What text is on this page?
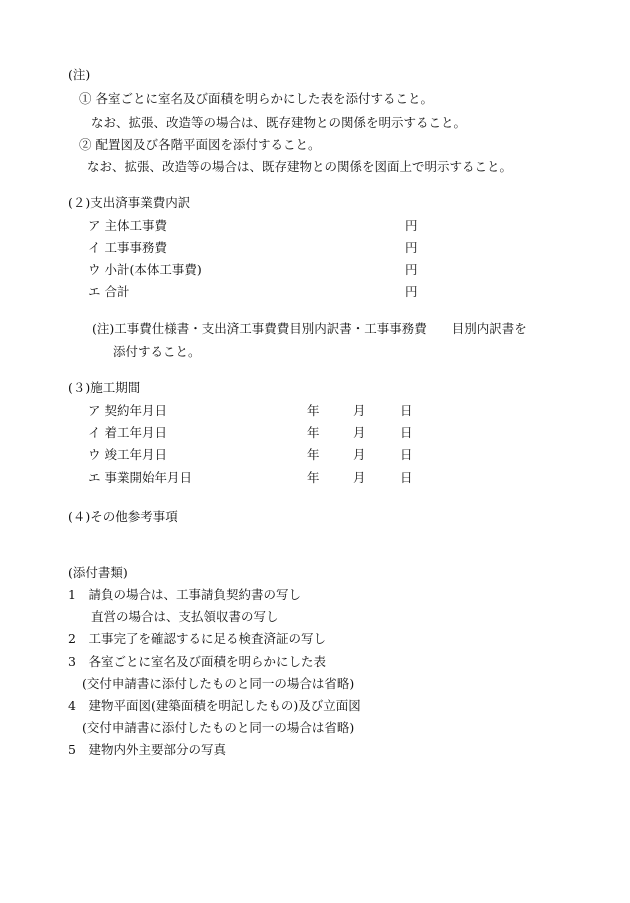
(注)
① 各室ごとに室名及び面積を明らかにした表を添付すること。
なお、拡張、改造等の場合は、既存建物との関係を明示すること。
② 配置図及び各階平面図を添付すること。
なお、拡張、改造等の場合は、既存建物との関係を図面上で明示すること。
(２)支出済事業費内訳
ア 主体工事費	円
イ 工事事務費	円
ウ 小計(本体工事費)	円
エ 合計	円
(注)工事費仕様書・支出済工事費費目別内訳書・工事事務費　　目別内訳書を
添付すること。
(３)施工期間
ア 契約年月日	年	月	日
イ 着工年月日	年	月	日
ウ 竣工年月日	年	月	日
エ 事業開始年月日	年	月	日
(４)その他参考事項
(添付書類)
1　請負の場合は、工事請負契約書の写し
直営の場合は、支払領収書の写し
2　工事完了を確認するに足る検査済証の写し
3　各室ごとに室名及び面積を明らかにした表
(交付申請書に添付したものと同一の場合は省略)
4　建物平面図(建築面積を明記したもの)及び立面図
(交付申請書に添付したものと同一の場合は省略)
5　建物内外主要部分の写真
